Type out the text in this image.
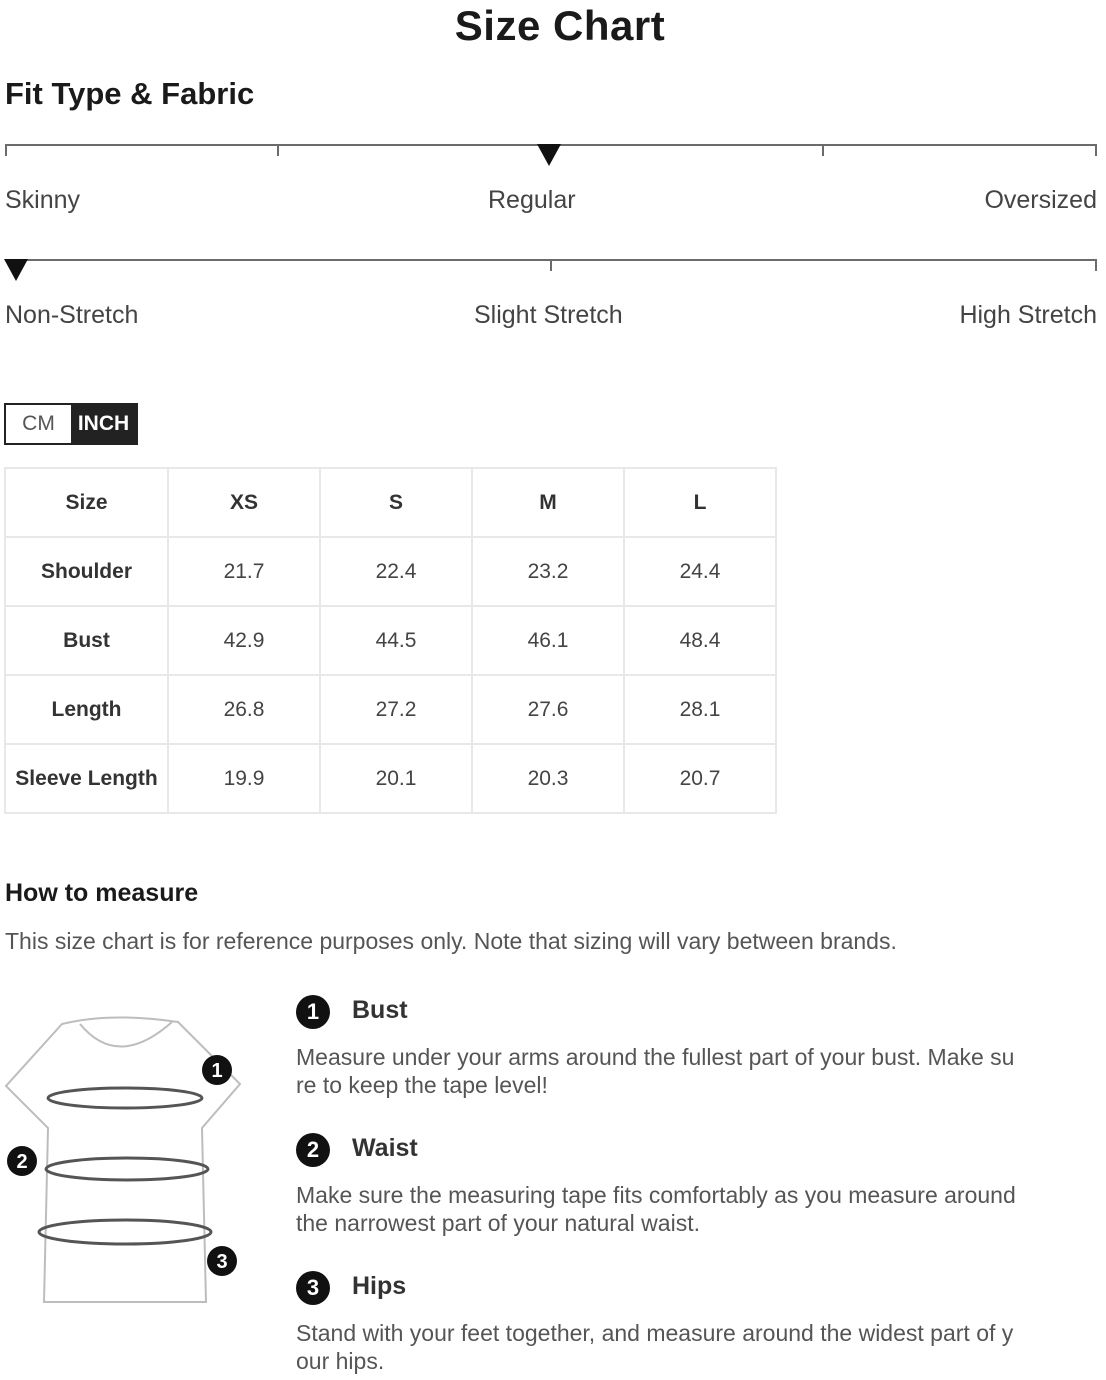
Size Chart
Fit Type & Fabric
Skinny	Regular	Oversized
Non-Stretch	Slight Stretch	High Stretch
CM	INCH
Size	XS	S	M	L
Shoulder	21.7	22.4	23.2	24.4
Bust	42.9	44.5	46.1	48.4
Length	26.8	27.2	27.6	28.1
Sleeve Length	19.9	20.1	20.3	20.7
How to measure
This size chart is for reference purposes only. Note that sizing will vary between brands.
1
2
3
1	Bust
Measure under your arms around the fullest part of your bust. Make sure to keep the tape level!
2	Waist
Make sure the measuring tape fits comfortably as you measure around the narrowest part of your natural waist.
3	Hips
Stand with your feet together, and measure around the widest part of your hips.
